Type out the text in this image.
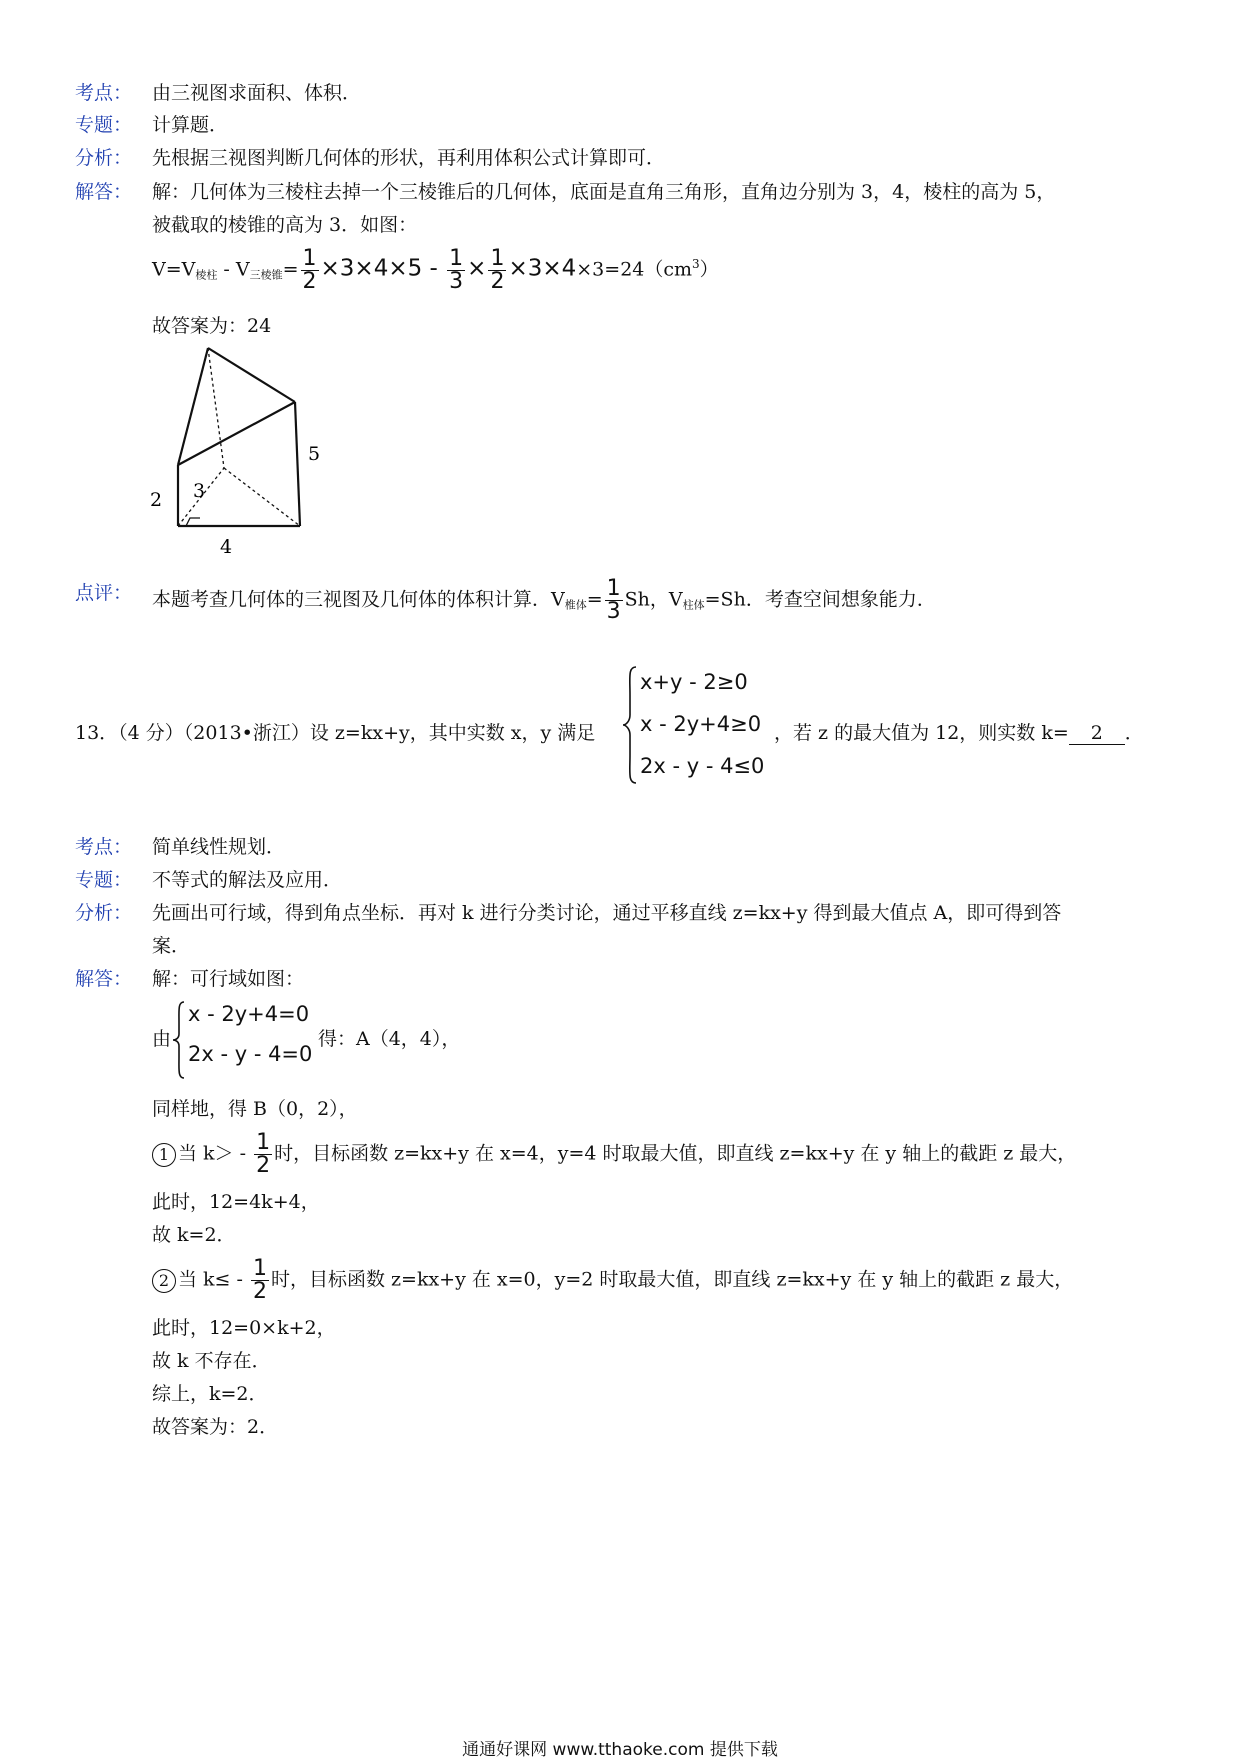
考点： 由三视图求面积、体积．
专题： 计算题．
分析： 先根据三视图判断几何体的形状，再利用体积公式计算即可．
解答： 解：几何体为三棱柱去掉一个三棱锥后的几何体，底面是直角三角形，直角边分别为 3，4，棱柱的高为 5，
被截取的棱锥的高为 3．如图：
$V=V_{棱柱} - V_{三棱锥}= \frac{1}{2} \times 3\times 4\times 5 - \frac{1}{3} \times \frac{1}{2} \times 3\times 4\times 3=24(cm^3)$
故答案为：24
5
2 3
4
点评： 本题考查几何体的三视图及几何体的体积计算．$V_{椎体}= \frac{1}{3}$ Sh，$V_{柱体}=Sh$．考查空间想象能力．
13．（4 分）（2013•浙江）设 z=kx+y，其中实数 x，y 满足
x+y - 2≥0
x - 2y+4≥0
2x - y - 4≤0
，若 z 的最大值为 12，则实数 k= 2 ．
考点： 简单线性规划．
专题： 不等式的解法及应用．
分析： 先画出可行域，得到角点坐标．再对 k 进行分类讨论，通过平移直线 z=kx+y 得到最大值点 A，即可得到答
案．
解答： 解：可行域如图：
由
x - 2y+4=0
2x - y - 4=0
得：A（4，4），
同样地，得 B（0，2），
1 当 $k> - \frac{1}{2}$ 时，目标函数 z=kx+y 在 x=4，y=4 时取最大值，即直线 z=kx+y 在 y 轴上的截距 z 最大，
此时，12=4k+4，
故 k=2．
2 当 $k\le - \frac{1}{2}$ 时，目标函数 z=kx+y 在 x=0，y=2 时取最大值，即直线 z=kx+y 在 y 轴上的截距 z 最大，
此时，12=0×k+2，
故 k 不存在．
综上，k=2．
故答案为：2．
通通好课网 www.tthaoke.com 提供下载
